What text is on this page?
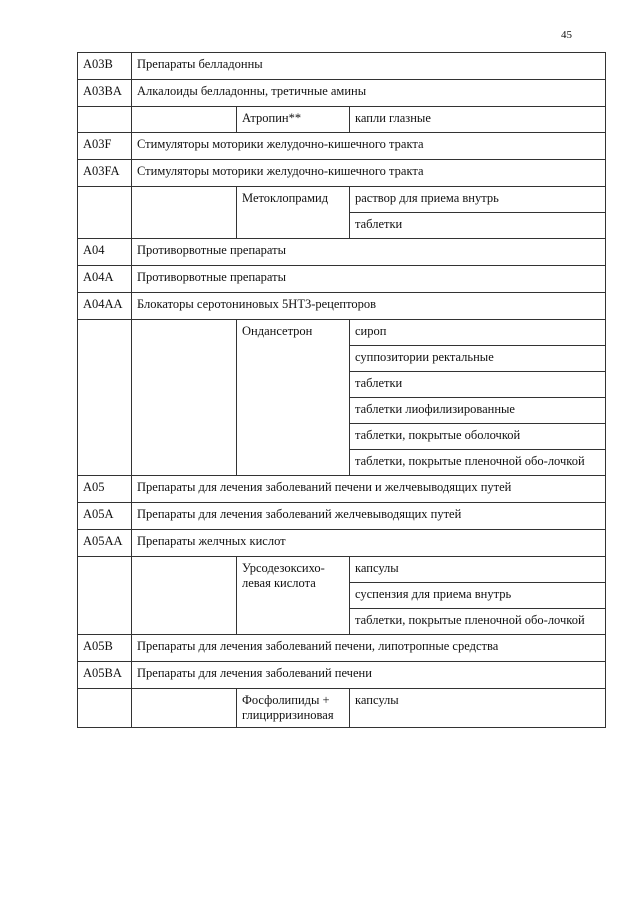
45
A03B	Препараты белладонны		
A03BA	Алкалоиды белладонны, третичные амины		
		Атропин**	капли глазные
A03F	Стимуляторы моторики желудочно-кишечного тракта		
A03FA	Стимуляторы моторики желудочно-кишечного тракта		
		Метоклопрамид	раствор для приема внутрь
			таблетки
A04	Противорвотные препараты		
A04A	Противорвотные препараты		
A04AA	Блокаторы серотониновых 5HT3-рецепторов		
		Ондансетрон	сироп
			суппозитории ректальные
			таблетки
			таблетки лиофилизированные
			таблетки, покрытые оболочкой
			таблетки, покрытые пленочной обо-лочкой
A05	Препараты для лечения заболеваний печени и желчевыводящих путей		
A05A	Препараты для лечения заболеваний желчевыводящих путей		
A05AA	Препараты желчных кислот		
		Урсодезоксихо-левая кислота	капсулы
			суспензия для приема внутрь
			таблетки, покрытые пленочной обо-лочкой
A05B	Препараты для лечения заболеваний печени, липотропные средства		
A05BA	Препараты для лечения заболеваний печени		
		Фосфолипиды + глицирризиновая	капсулы
